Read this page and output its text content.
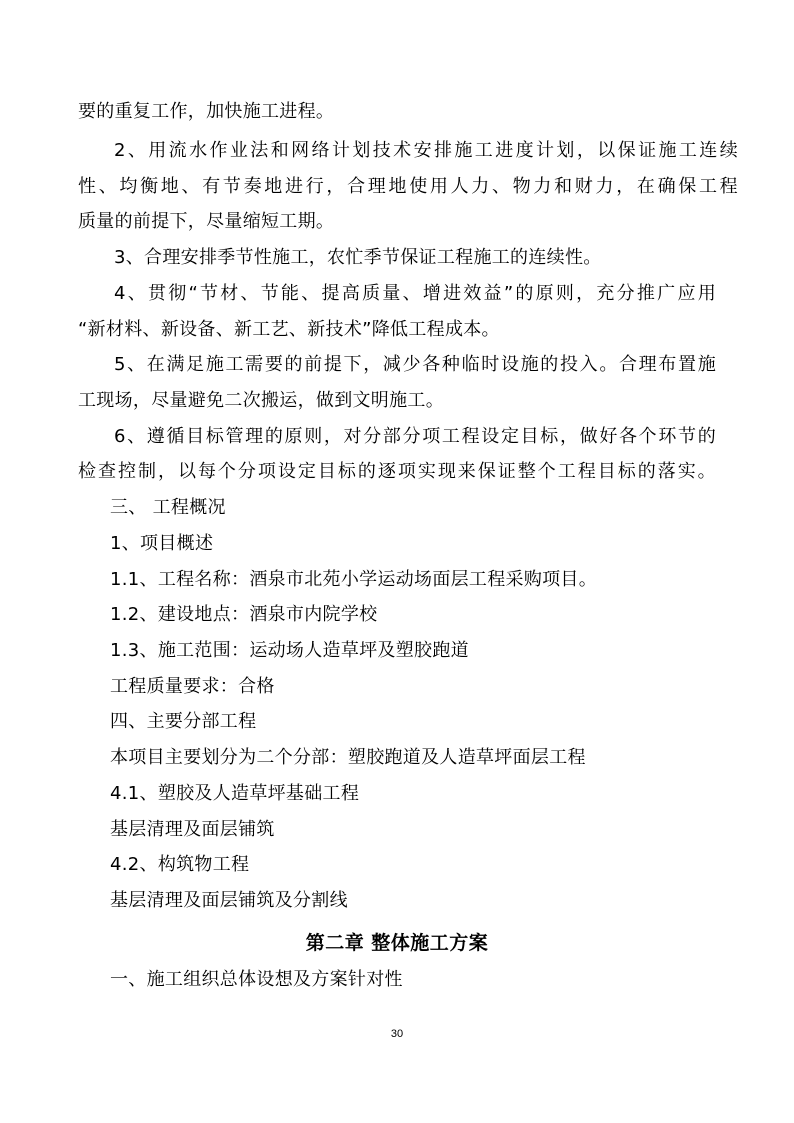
要的重复工作，加快施工进程。
2、用流水作业法和网络计划技术安排施工进度计划，以保证施工连续
性、均衡地、有节奏地进行，合理地使用人力、物力和财力，在确保工程
质量的前提下，尽量缩短工期。
3、合理安排季节性施工，农忙季节保证工程施工的连续性。
4、贯彻“节材、节能、提高质量、增进效益”的原则，充分推广应用
“新材料、新设备、新工艺、新技术”降低工程成本。
5、在满足施工需要的前提下，减少各种临时设施的投入。合理布置施
工现场，尽量避免二次搬运，做到文明施工。
6、遵循目标管理的原则，对分部分项工程设定目标，做好各个环节的
检查控制，以每个分项设定目标的逐项实现来保证整个工程目标的落实。
三、 工程概况
1、项目概述
1.1、工程名称：酒泉市北苑小学运动场面层工程采购项目。
1.2、建设地点：酒泉市内院学校
1.3、施工范围：运动场人造草坪及塑胶跑道
工程质量要求：合格
四、主要分部工程
本项目主要划分为二个分部：塑胶跑道及人造草坪面层工程
4.1、塑胶及人造草坪基础工程
基层清理及面层铺筑
4.2、构筑物工程
基层清理及面层铺筑及分割线
第二章 整体施工方案
一、施工组织总体设想及方案针对性
30
